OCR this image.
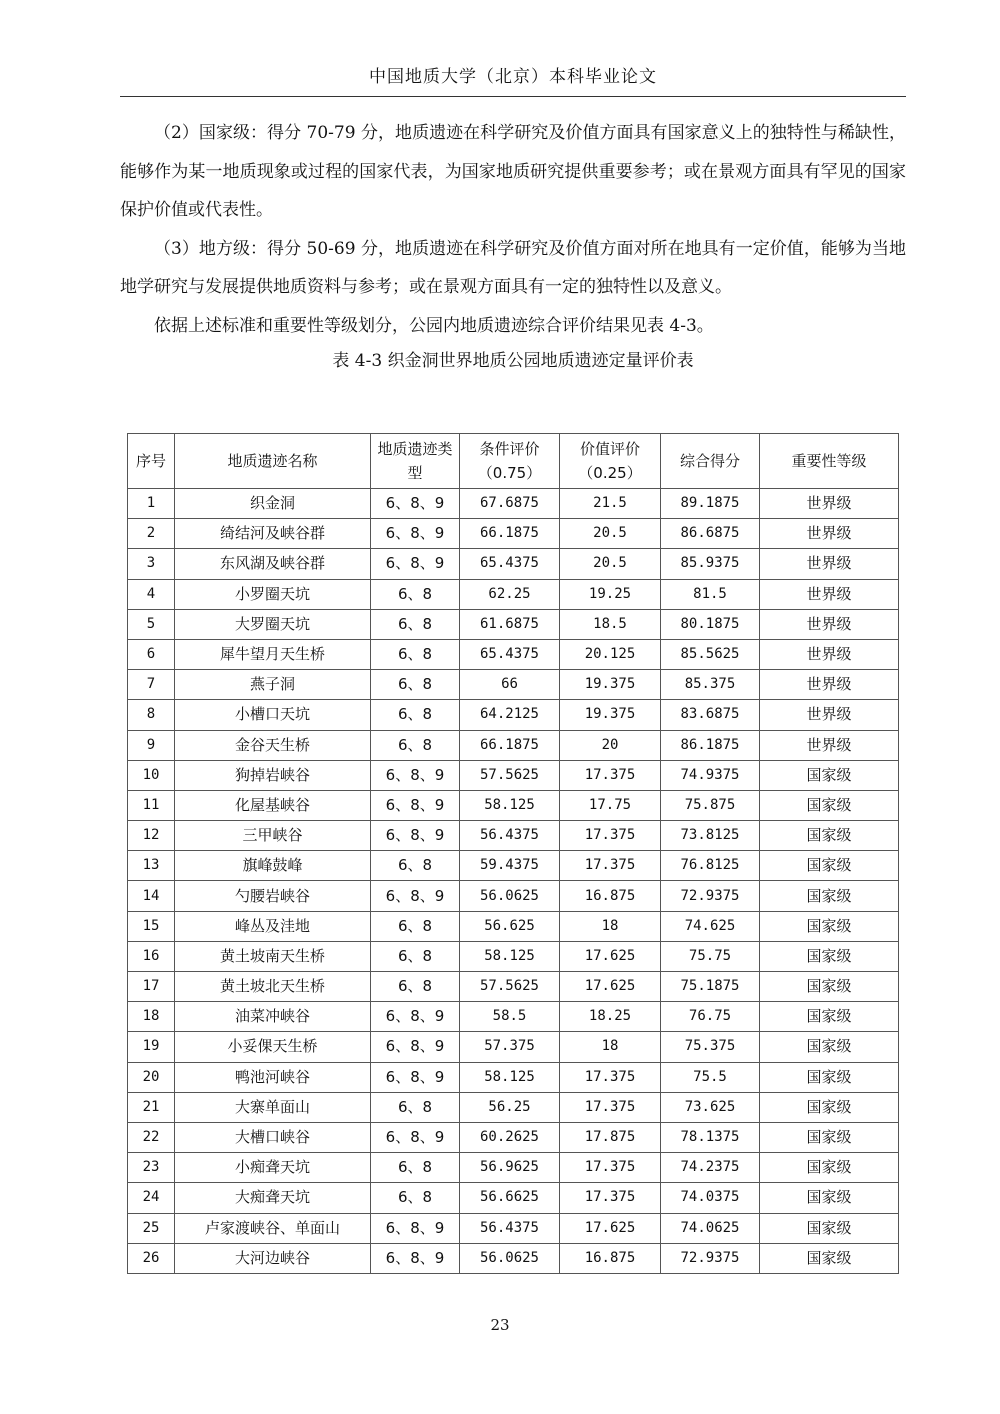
中国地质大学（北京）本科毕业论文

（2）国家级：得分 70-79 分，地质遗迹在科学研究及价值方面具有国家意义上的独特性与稀缺性，能够作为某一地质现象或过程的国家代表，为国家地质研究提供重要参考；或在景观方面具有罕见的国家保护价值或代表性。

（3）地方级：得分 50-69 分，地质遗迹在科学研究及价值方面对所在地具有一定价值，能够为当地地学研究与发展提供地质资料与参考；或在景观方面具有一定的独特性以及意义。

依据上述标准和重要性等级划分，公园内地质遗迹综合评价结果见表 4-3。

表 4-3 织金洞世界地质公园地质遗迹定量评价表

序号	地质遗迹名称	地质遗迹类型	条件评价（0.75）	价值评价（0.25）	综合得分	重要性等级
1	织金洞	6、8、9	67.6875	21.5	89.1875	世界级
2	绮结河及峡谷群	6、8、9	66.1875	20.5	86.6875	世界级
3	东风湖及峡谷群	6、8、9	65.4375	20.5	85.9375	世界级
4	小罗圈天坑	6、8	62.25	19.25	81.5	世界级
5	大罗圈天坑	6、8	61.6875	18.5	80.1875	世界级
6	犀牛望月天生桥	6、8	65.4375	20.125	85.5625	世界级
7	燕子洞	6、8	66	19.375	85.375	世界级
8	小槽口天坑	6、8	64.2125	19.375	83.6875	世界级
9	金谷天生桥	6、8	66.1875	20	86.1875	世界级
10	狗掉岩峡谷	6、8、9	57.5625	17.375	74.9375	国家级
11	化屋基峡谷	6、8、9	58.125	17.75	75.875	国家级
12	三甲峡谷	6、8、9	56.4375	17.375	73.8125	国家级
13	旗峰鼓峰	6、8	59.4375	17.375	76.8125	国家级
14	勺腰岩峡谷	6、8、9	56.0625	16.875	72.9375	国家级
15	峰丛及洼地	6、8	56.625	18	74.625	国家级
16	黄土坡南天生桥	6、8	58.125	17.625	75.75	国家级
17	黄土坡北天生桥	6、8	57.5625	17.625	75.1875	国家级
18	油菜冲峡谷	6、8、9	58.5	18.25	76.75	国家级
19	小妥倮天生桥	6、8、9	57.375	18	75.375	国家级
20	鸭池河峡谷	6、8、9	58.125	17.375	75.5	国家级
21	大寨单面山	6、8	56.25	17.375	73.625	国家级
22	大槽口峡谷	6、8、9	60.2625	17.875	78.1375	国家级
23	小痴聋天坑	6、8	56.9625	17.375	74.2375	国家级
24	大痴聋天坑	6、8	56.6625	17.375	74.0375	国家级
25	卢家渡峡谷、单面山	6、8、9	56.4375	17.625	74.0625	国家级
26	大河边峡谷	6、8、9	56.0625	16.875	72.9375	国家级
23
